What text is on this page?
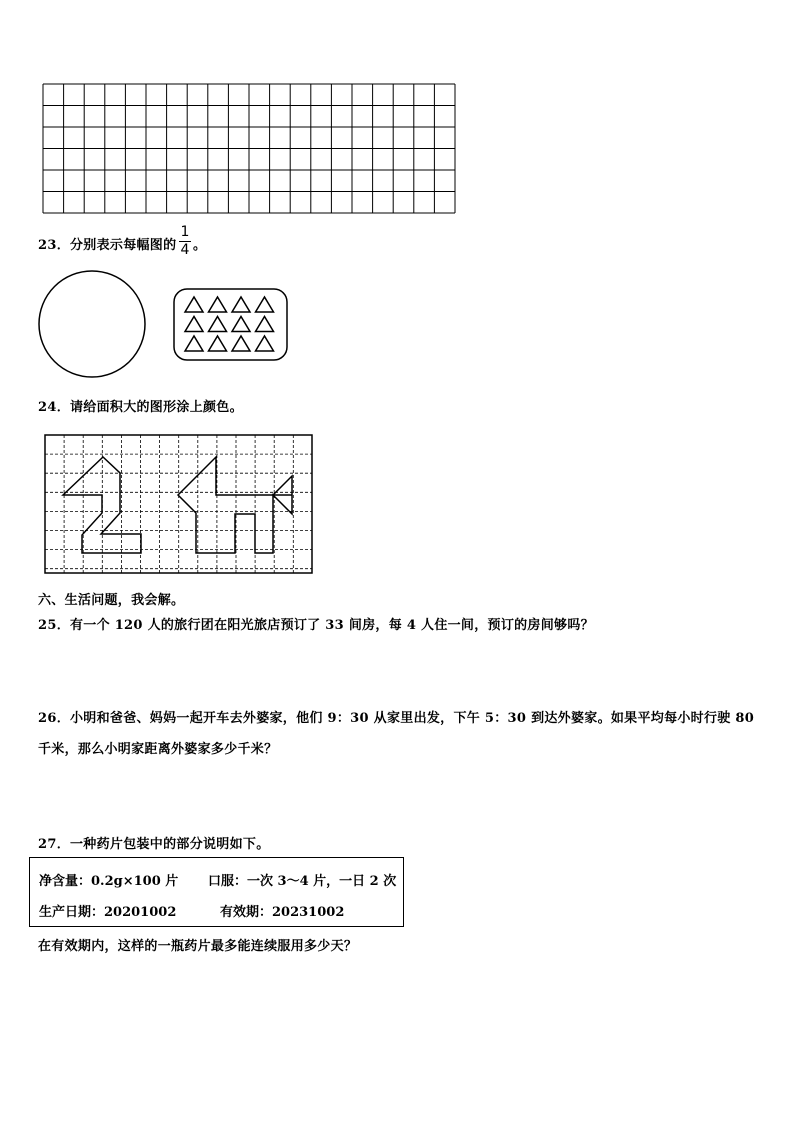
23．分别表示每幅图的
1
4 。
24．请给面积大的图形涂上颜色。
六、生活问题，我会解。
25．有一个 120 人的旅行团在阳光旅店预订了 33 间房，每 4 人住一间，预订的房间够吗？
26．小明和爸爸、妈妈一起开车去外婆家，他们 9：30 从家里出发，下午 5：30 到达外婆家。如果平均每小时行驶 80
千米，那么小明家距离外婆家多少千米？
27．一种药片包装中的部分说明如下。
净含量：0.2g×100 片 口服：一次 3～4 片，一日 2 次
生产日期：20201002	有效期：20231002
在有效期内，这样的一瓶药片最多能连续服用多少天？
